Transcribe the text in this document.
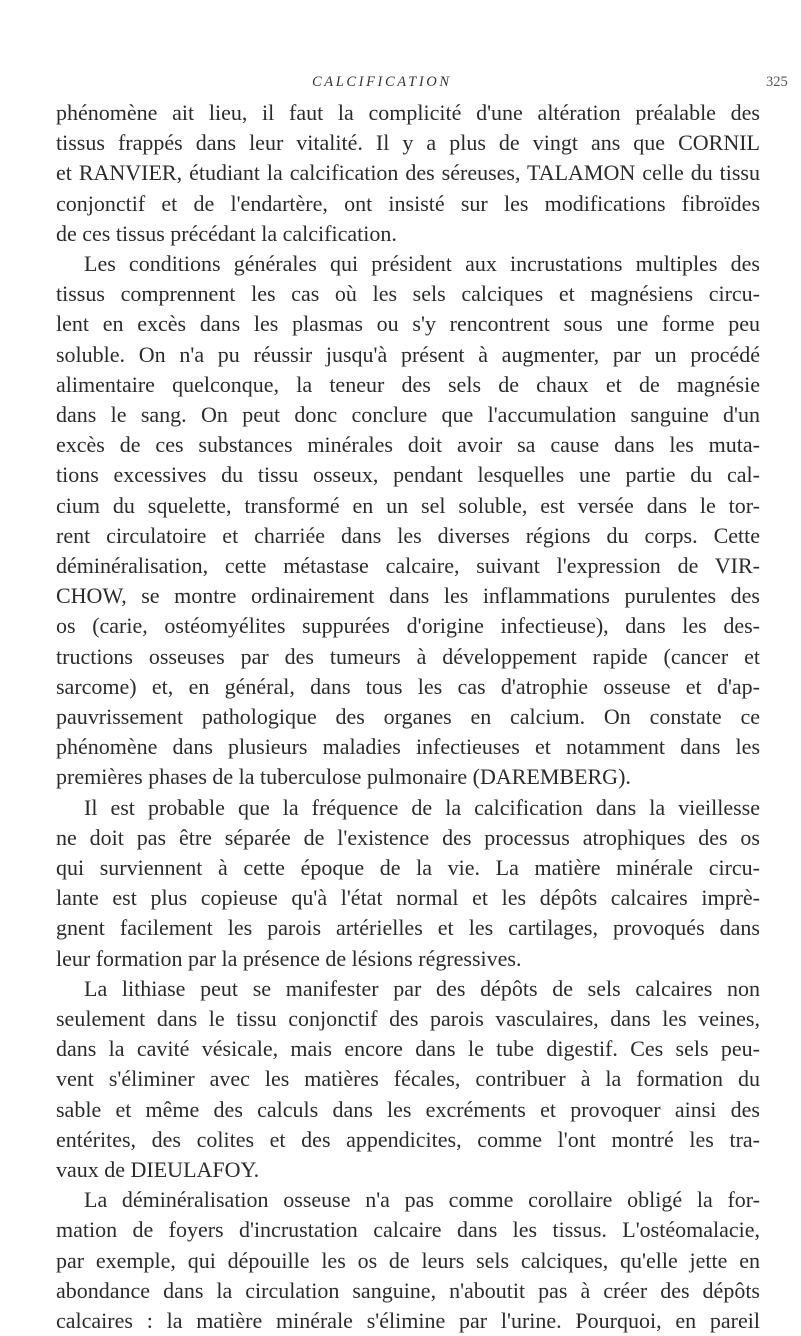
CALCIFICATION	325
phénomène ait lieu, il faut la complicité d'une altération préalable des
tissus frappés dans leur vitalité. Il y a plus de vingt ans que CORNIL
et RANVIER, étudiant la calcification des séreuses, TALAMON celle du tissu
conjonctif et de l'endartère, ont insisté sur les modifications fibroïdes
de ces tissus précédant la calcification.
Les conditions générales qui président aux incrustations multiples des
tissus comprennent les cas où les sels calciques et magnésiens circu-
lent en excès dans les plasmas ou s'y rencontrent sous une forme peu
soluble. On n'a pu réussir jusqu'à présent à augmenter, par un procédé
alimentaire quelconque, la teneur des sels de chaux et de magnésie
dans le sang. On peut donc conclure que l'accumulation sanguine d'un
excès de ces substances minérales doit avoir sa cause dans les muta-
tions excessives du tissu osseux, pendant lesquelles une partie du cal-
cium du squelette, transformé en un sel soluble, est versée dans le tor-
rent circulatoire et charriée dans les diverses régions du corps. Cette
déminéralisation, cette métastase calcaire, suivant l'expression de VIR-
CHOW, se montre ordinairement dans les inflammations purulentes des
os (carie, ostéomyélites suppurées d'origine infectieuse), dans les des-
tructions osseuses par des tumeurs à développement rapide (cancer et
sarcome) et, en général, dans tous les cas d'atrophie osseuse et d'ap-
pauvrissement pathologique des organes en calcium. On constate ce
phénomène dans plusieurs maladies infectieuses et notamment dans les
premières phases de la tuberculose pulmonaire (DAREMBERG).
Il est probable que la fréquence de la calcification dans la vieillesse
ne doit pas être séparée de l'existence des processus atrophiques des os
qui surviennent à cette époque de la vie. La matière minérale circu-
lante est plus copieuse qu'à l'état normal et les dépôts calcaires imprè-
gnent facilement les parois artérielles et les cartilages, provoqués dans
leur formation par la présence de lésions régressives.
La lithiase peut se manifester par des dépôts de sels calcaires non
seulement dans le tissu conjonctif des parois vasculaires, dans les veines,
dans la cavité vésicale, mais encore dans le tube digestif. Ces sels peu-
vent s'éliminer avec les matières fécales, contribuer à la formation du
sable et même des calculs dans les excréments et provoquer ainsi des
entérites, des colites et des appendicites, comme l'ont montré les tra-
vaux de DIEULAFOY.
La déminéralisation osseuse n'a pas comme corollaire obligé la for-
mation de foyers d'incrustation calcaire dans les tissus. L'ostéomalacie,
par exemple, qui dépouille les os de leurs sels calciques, qu'elle jette en
abondance dans la circulation sanguine, n'aboutit pas à créer des dépôts
calcaires : la matière minérale s'élimine par l'urine. Pourquoi, en pareil
